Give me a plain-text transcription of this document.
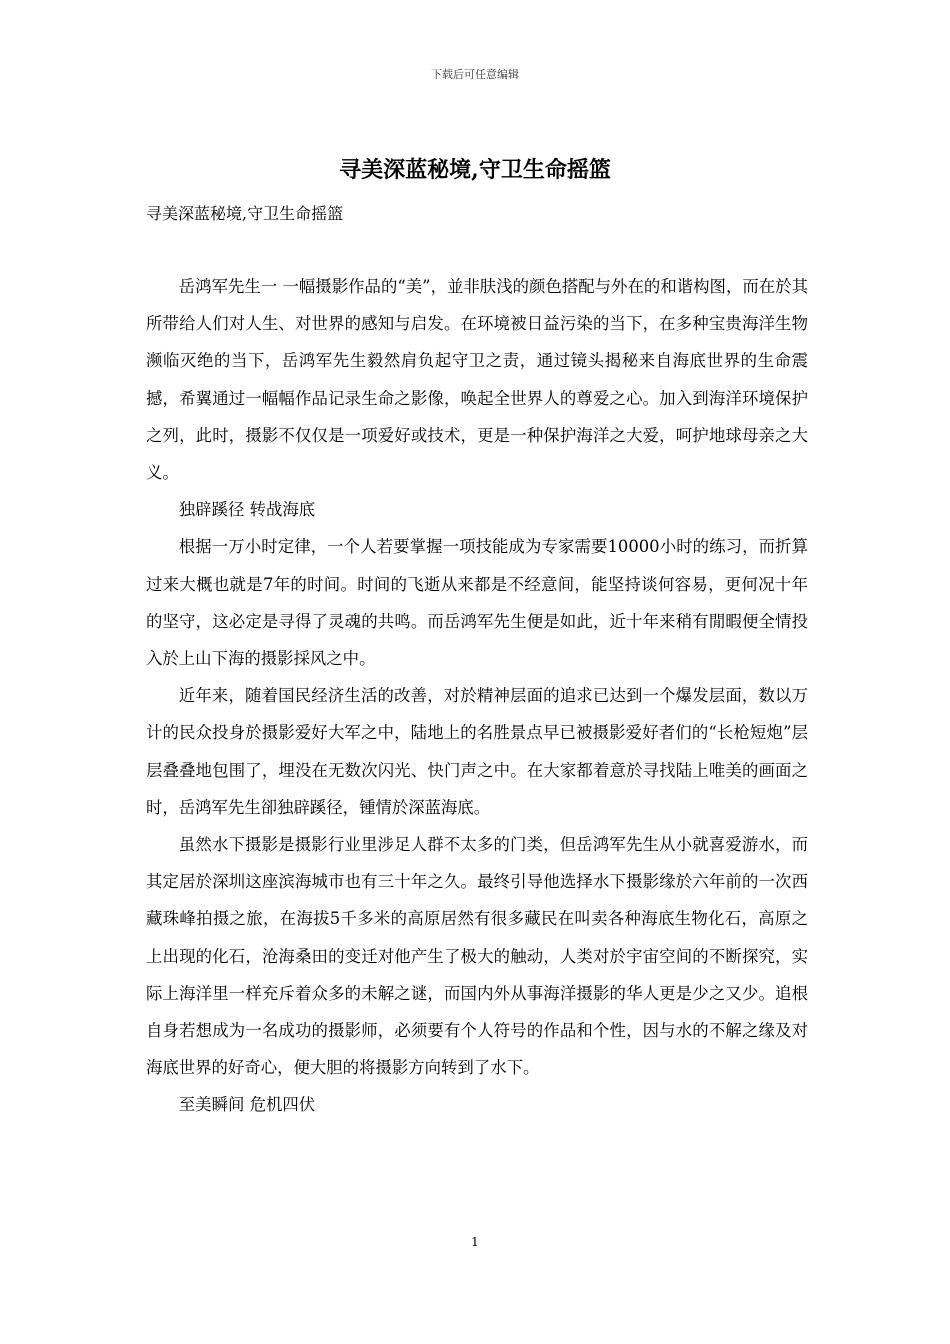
下载后可任意编辑
寻美深蓝秘境,守卫生命摇篮

寻美深蓝秘境,守卫生命摇篮

岳鸿军先生一 一幅摄影作品的“美”，並非肤浅的颜色搭配与外在的和谐构图，而在於其所带给人们对人生、对世界的感知与启发。在环境被日益污染的当下，在多种宝贵海洋生物濒临灭绝的当下，岳鸿军先生毅然肩负起守卫之责，通过镜头揭秘来自海底世界的生命震撼，希翼通过一幅幅作品记录生命之影像，唤起全世界人的尊爱之心。加入到海洋环境保护之列，此时，摄影不仅仅是一项爱好或技术，更是一种保护海洋之大爱，呵护地球母亲之大义。

独辟蹊径 转战海底

根据一万小时定律，一个人若要掌握一项技能成为专家需要10000小时的练习，而折算过来大概也就是7年的时间。时间的飞逝从来都是不经意间，能坚持谈何容易，更何况十年的坚守，这必定是寻得了灵魂的共鸣。而岳鸿军先生便是如此，近十年来稍有閒暇便全情投入於上山下海的摄影採风之中。

近年来，随着国民经济生活的改善，对於精神层面的追求已达到一个爆发层面，数以万计的民众投身於摄影爱好大军之中，陆地上的名胜景点早已被摄影爱好者们的“长枪短炮”层层叠叠地包围了，埋没在无数次闪光、快门声之中。在大家都着意於寻找陆上唯美的画面之时，岳鸿军先生卻独辟蹊径，锺情於深蓝海底。

虽然水下摄影是摄影行业里涉足人群不太多的门类，但岳鸿军先生从小就喜爱游水，而其定居於深圳这座滨海城市也有三十年之久。最终引导他选择水下摄影缘於六年前的一次西藏珠峰拍摄之旅，在海拔5千多米的高原居然有很多藏民在叫卖各种海底生物化石，高原之上出现的化石，沧海桑田的变迁对他产生了极大的触动，人类对於宇宙空间的不断探究，实际上海洋里一样充斥着众多的未解之谜，而国内外从事海洋摄影的华人更是少之又少。追根自身若想成为一名成功的摄影师，必须要有个人符号的作品和个性，因与水的不解之缘及对海底世界的好奇心，便大胆的将摄影方向转到了水下。

至美瞬间 危机四伏

1
